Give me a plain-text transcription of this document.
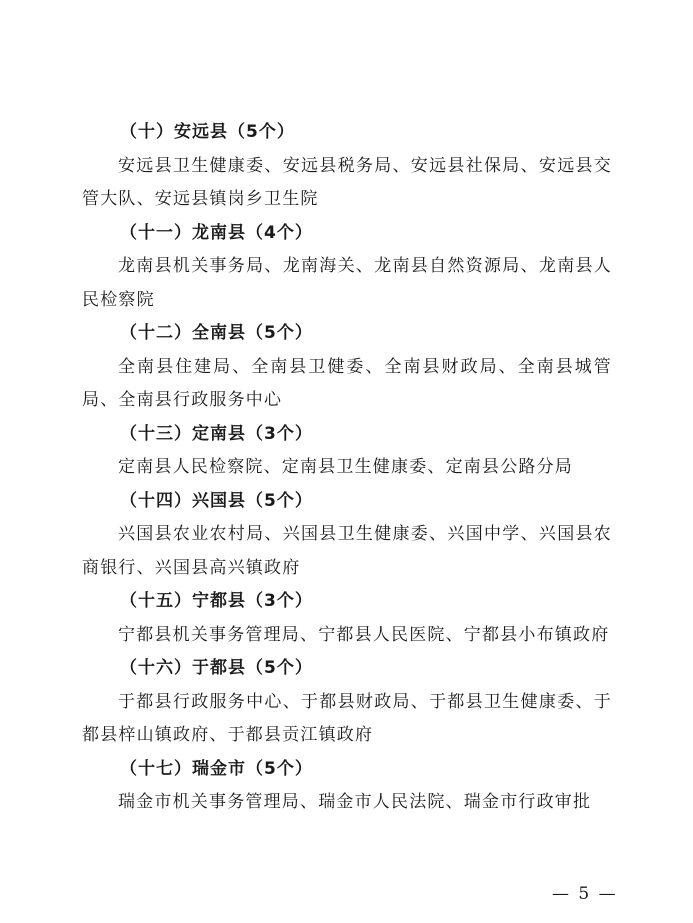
（十）安远县（5个）
安远县卫生健康委、安远县税务局、安远县社保局、安远县交管大队、安远县镇岗乡卫生院
（十一）龙南县（4个）
龙南县机关事务局、龙南海关、龙南县自然资源局、龙南县人民检察院
（十二）全南县（5个）
全南县住建局、全南县卫健委、全南县财政局、全南县城管局、全南县行政服务中心
（十三）定南县（3个）
定南县人民检察院、定南县卫生健康委、定南县公路分局
（十四）兴国县（5个）
兴国县农业农村局、兴国县卫生健康委、兴国中学、兴国县农商银行、兴国县高兴镇政府
（十五）宁都县（3个）
宁都县机关事务管理局、宁都县人民医院、宁都县小布镇政府
（十六）于都县（5个）
于都县行政服务中心、于都县财政局、于都县卫生健康委、于都县梓山镇政府、于都县贡江镇政府
（十七）瑞金市（5个）
瑞金市机关事务管理局、瑞金市人民法院、瑞金市行政审批
— 5 —
